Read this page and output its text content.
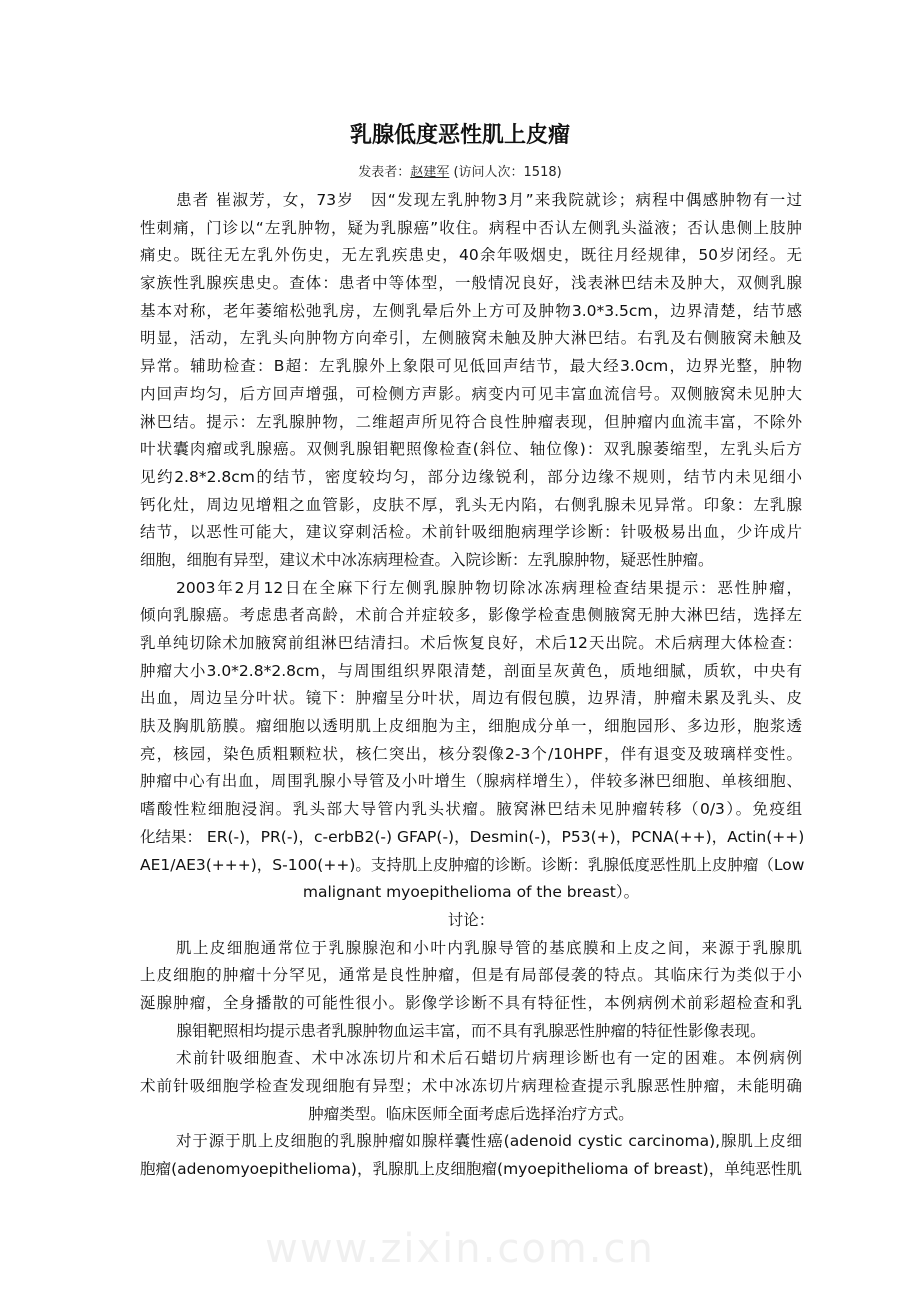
乳腺低度恶性肌上皮瘤
发表者：赵建军 (访问人次：1518)
患者 崔淑芳，女，73岁　因“发现左乳肿物3月”来我院就诊；病程中偶感肿物有一过
性刺痛，门诊以“左乳肿物，疑为乳腺癌”收住。病程中否认左侧乳头溢液；否认患侧上肢肿
痛史。既往无左乳外伤史，无左乳疾患史，40余年吸烟史，既往月经规律，50岁闭经。无
家族性乳腺疾患史。查体：患者中等体型，一般情况良好，浅表淋巴结未及肿大，双侧乳腺
基本对称，老年萎缩松弛乳房，左侧乳晕后外上方可及肿物3.0*3.5cm，边界清楚，结节感
明显，活动，左乳头向肿物方向牵引，左侧腋窝未触及肿大淋巴结。右乳及右侧腋窝未触及
异常。辅助检查：B超：左乳腺外上象限可见低回声结节，最大经3.0cm，边界光整，肿物
内回声均匀，后方回声增强，可检侧方声影。病变内可见丰富血流信号。双侧腋窝未见肿大
淋巴结。提示：左乳腺肿物，二维超声所见符合良性肿瘤表现，但肿瘤内血流丰富，不除外
叶状囊肉瘤或乳腺癌。双侧乳腺钼靶照像检查(斜位、轴位像)：双乳腺萎缩型，左乳头后方
见约2.8*2.8cm的结节，密度较均匀，部分边缘锐利，部分边缘不规则，结节内未见细小
钙化灶，周边见增粗之血管影，皮肤不厚，乳头无内陷，右侧乳腺未见异常。印象：左乳腺
结节，以恶性可能大，建议穿刺活检。术前针吸细胞病理学诊断：针吸极易出血，少许成片
细胞，细胞有异型，建议术中冰冻病理检查。入院诊断：左乳腺肿物，疑恶性肿瘤。
2003年2月12日在全麻下行左侧乳腺肿物切除冰冻病理检查结果提示：恶性肿瘤，
倾向乳腺癌。考虑患者高龄，术前合并症较多，影像学检查患侧腋窝无肿大淋巴结，选择左
乳单纯切除术加腋窝前组淋巴结清扫。术后恢复良好，术后12天出院。术后病理大体检查：
肿瘤大小3.0*2.8*2.8cm，与周围组织界限清楚，剖面呈灰黄色，质地细腻，质软，中央有
出血，周边呈分叶状。镜下：肿瘤呈分叶状，周边有假包膜，边界清，肿瘤未累及乳头、皮
肤及胸肌筋膜。瘤细胞以透明肌上皮细胞为主，细胞成分单一，细胞园形、多边形，胞浆透
亮，核园，染色质粗颗粒状，核仁突出，核分裂像2-3个/10HPF，伴有退变及玻璃样变性。
肿瘤中心有出血，周围乳腺小导管及小叶增生（腺病样增生），伴较多淋巴细胞、单核细胞、
嗜酸性粒细胞浸润。乳头部大导管内乳头状瘤。腋窝淋巴结未见肿瘤转移（0/3）。免疫组
化结果： ER(-)，PR(-)，c-erbB2(-) GFAP(-)，Desmin(-)，P53(+)，PCNA(++)，Actin(++)
AE1/AE3(+++)，S-100(++)。支持肌上皮肿瘤的诊断。诊断：乳腺低度恶性肌上皮肿瘤（Low
malignant myoepithelioma of the breast）。
讨论：
肌上皮细胞通常位于乳腺腺泡和小叶内乳腺导管的基底膜和上皮之间，来源于乳腺肌
上皮细胞的肿瘤十分罕见，通常是良性肿瘤，但是有局部侵袭的特点。其临床行为类似于小
涎腺肿瘤，全身播散的可能性很小。影像学诊断不具有特征性，本例病例术前彩超检查和乳
腺钼靶照相均提示患者乳腺肿物血运丰富，而不具有乳腺恶性肿瘤的特征性影像表现。
术前针吸细胞查、术中冰冻切片和术后石蜡切片病理诊断也有一定的困难。本例病例
术前针吸细胞学检查发现细胞有异型；术中冰冻切片病理检查提示乳腺恶性肿瘤，未能明确
肿瘤类型。临床医师全面考虑后选择治疗方式。
对于源于肌上皮细胞的乳腺肿瘤如腺样囊性癌(adenoid cystic carcinoma),腺肌上皮细
胞瘤(adenomyoepithelioma)，乳腺肌上皮细胞瘤(myoepithelioma of breast)，单纯恶性肌
www.zixin.com.cn
